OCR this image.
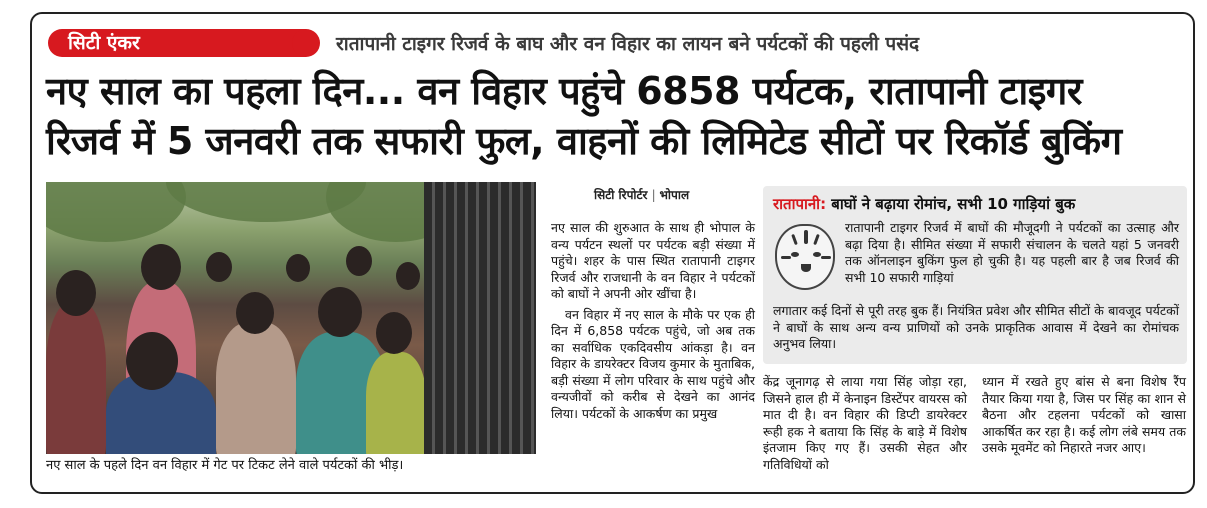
सिटी एंकर	रातापानी टाइगर रिजर्व के बाघ और वन विहार का लायन बने पर्यटकों की पहली पसंद
नए साल का पहला दिन... वन विहार पहुंचे 6858 पर्यटक, रातापानी टाइगर
रिजर्व में 5 जनवरी तक सफारी फुल, वाहनों की लिमिटेड सीटों पर रिकॉर्ड बुकिंग
नए साल के पहले दिन वन विहार में गेट पर टिकट लेने वाले पर्यटकों की भीड़।
सिटी रिपोर्टर | भोपाल

नए साल की शुरुआत के साथ ही भोपाल के वन्य पर्यटन स्थलों पर पर्यटक बड़ी संख्या में पहुंचे। शहर के पास स्थित रातापानी टाइगर रिजर्व और राजधानी के वन विहार ने पर्यटकों को बाघों ने अपनी ओर खींचा है।

वन विहार में नए साल के मौके पर एक ही दिन में 6,858 पर्यटक पहुंचे, जो अब तक का सर्वाधिक एकदिवसीय आंकड़ा है। वन विहार के डायरेक्टर विजय कुमार के मुताबिक, बड़ी संख्या में लोग परिवार के साथ पहुंचे और वन्यजीवों को करीब से देखने का आनंद लिया। पर्यटकों के आकर्षण का प्रमुख

रातापानी: बाघों ने बढ़ाया रोमांच, सभी 10 गाड़ियां बुक
रातापानी टाइगर रिजर्व में बाघों की मौजूदगी ने पर्यटकों का उत्साह और बढ़ा दिया है। सीमित संख्या में सफारी संचालन के चलते यहां 5 जनवरी तक ऑनलाइन बुकिंग फुल हो चुकी है। यह पहली बार है जब रिजर्व की सभी 10 सफारी गाड़ियां
लगातार कई दिनों से पूरी तरह बुक हैं। नियंत्रित प्रवेश और सीमित सीटों के बावजूद पर्यटकों ने बाघों के साथ अन्य वन्य प्राणियों को उनके प्राकृतिक आवास में देखने का रोमांचक अनुभव लिया।
केंद्र जूनागढ़ से लाया गया सिंह जोड़ा रहा, जिसने हाल ही में केनाइन डिस्टेंपर वायरस को मात दी है। वन विहार की डिप्टी डायरेक्टर रूही हक ने बताया कि सिंह के बाड़े में विशेष इंतजाम किए गए हैं। उसकी सेहत और गतिविधियों को
ध्यान में रखते हुए बांस से बना विशेष रैंप तैयार किया गया है, जिस पर सिंह का शान से बैठना और टहलना पर्यटकों को खासा आकर्षित कर रहा है। कई लोग लंबे समय तक उसके मूवमेंट को निहारते नजर आए।
